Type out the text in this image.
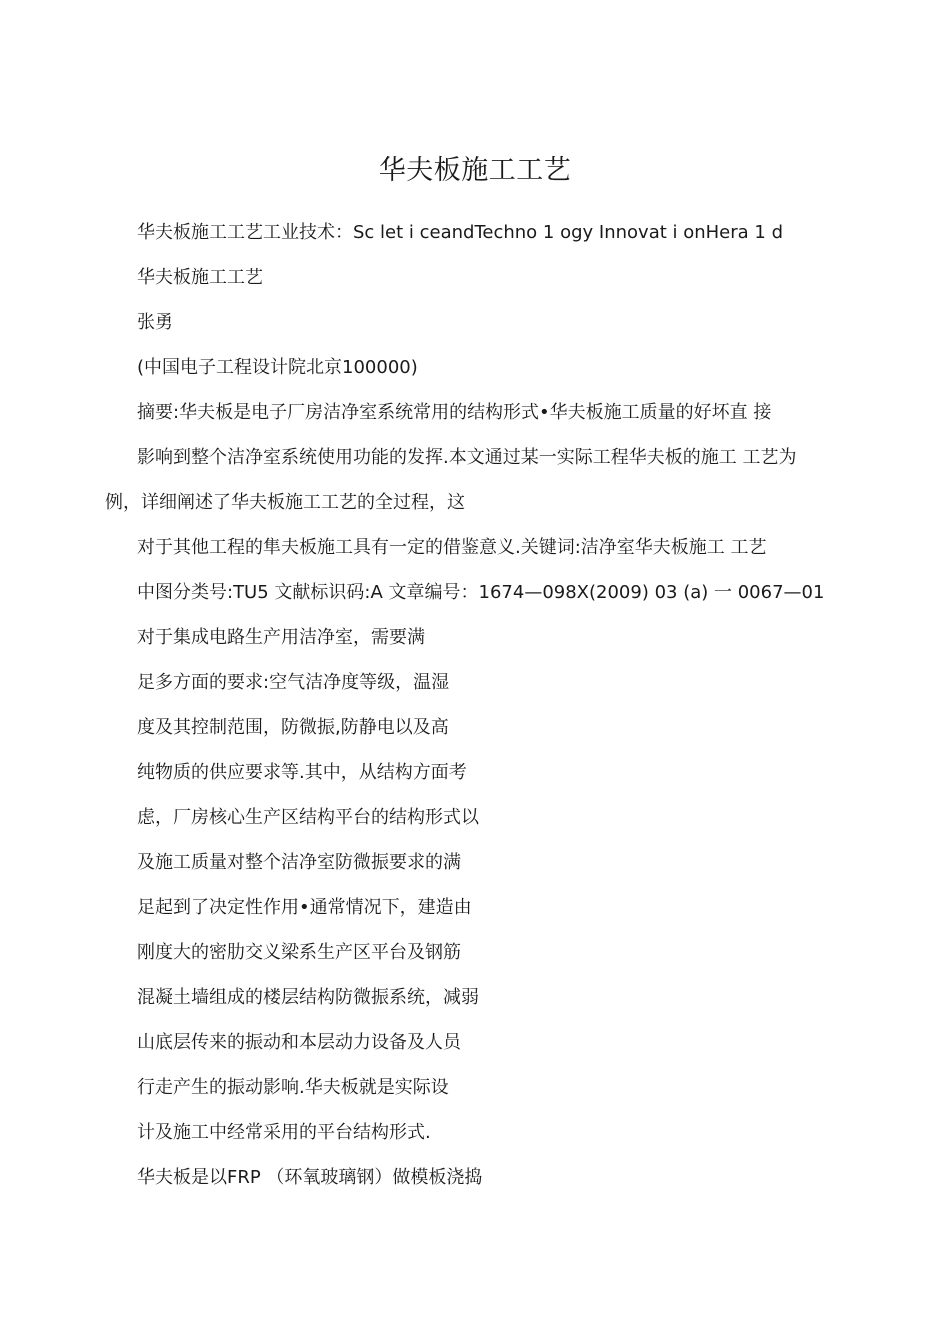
华夫板施工工艺
华夫板施工工艺工业技术：Sc let i ceandTechno 1 ogy Innovat i onHera 1 d
华夫板施工工艺
张勇
(中国电子工程设计院北京100000)
摘要:华夫板是电子厂房洁净室系统常用的结构形式•华夫板施工质量的好坏直 接
影响到整个洁净室系统使用功能的发挥.本文通过某一实际工程华夫板的施工 工艺为
例，详细阐述了华夫板施工工艺的全过程，这
对于其他工程的隼夫板施工具有一定的借鉴意义.关键词:洁净室华夫板施工 工艺
中图分类号:TU5 文献标识码:A 文章编号：1674—098X(2009) 03 (a) 一 0067—01
对于集成电路生产用洁净室，需要满
足多方面的要求:空气洁净度等级，温湿
度及其控制范围，防微振,防静电以及高
纯物质的供应要求等.其中，从结构方面考
虑，厂房核心生产区结构平台的结构形式以
及施工质量对整个洁净室防微振要求的满
足起到了决定性作用•通常情况下，建造由
刚度大的密肋交义梁系生产区平台及钢筋
混凝土墙组成的楼层结构防微振系统，减弱
山底层传来的振动和本层动力设备及人员
行走产生的振动影响.华夫板就是实际设
计及施工中经常采用的平台结构形式.
华夫板是以FRP （环氧玻璃钢）做模板浇捣
